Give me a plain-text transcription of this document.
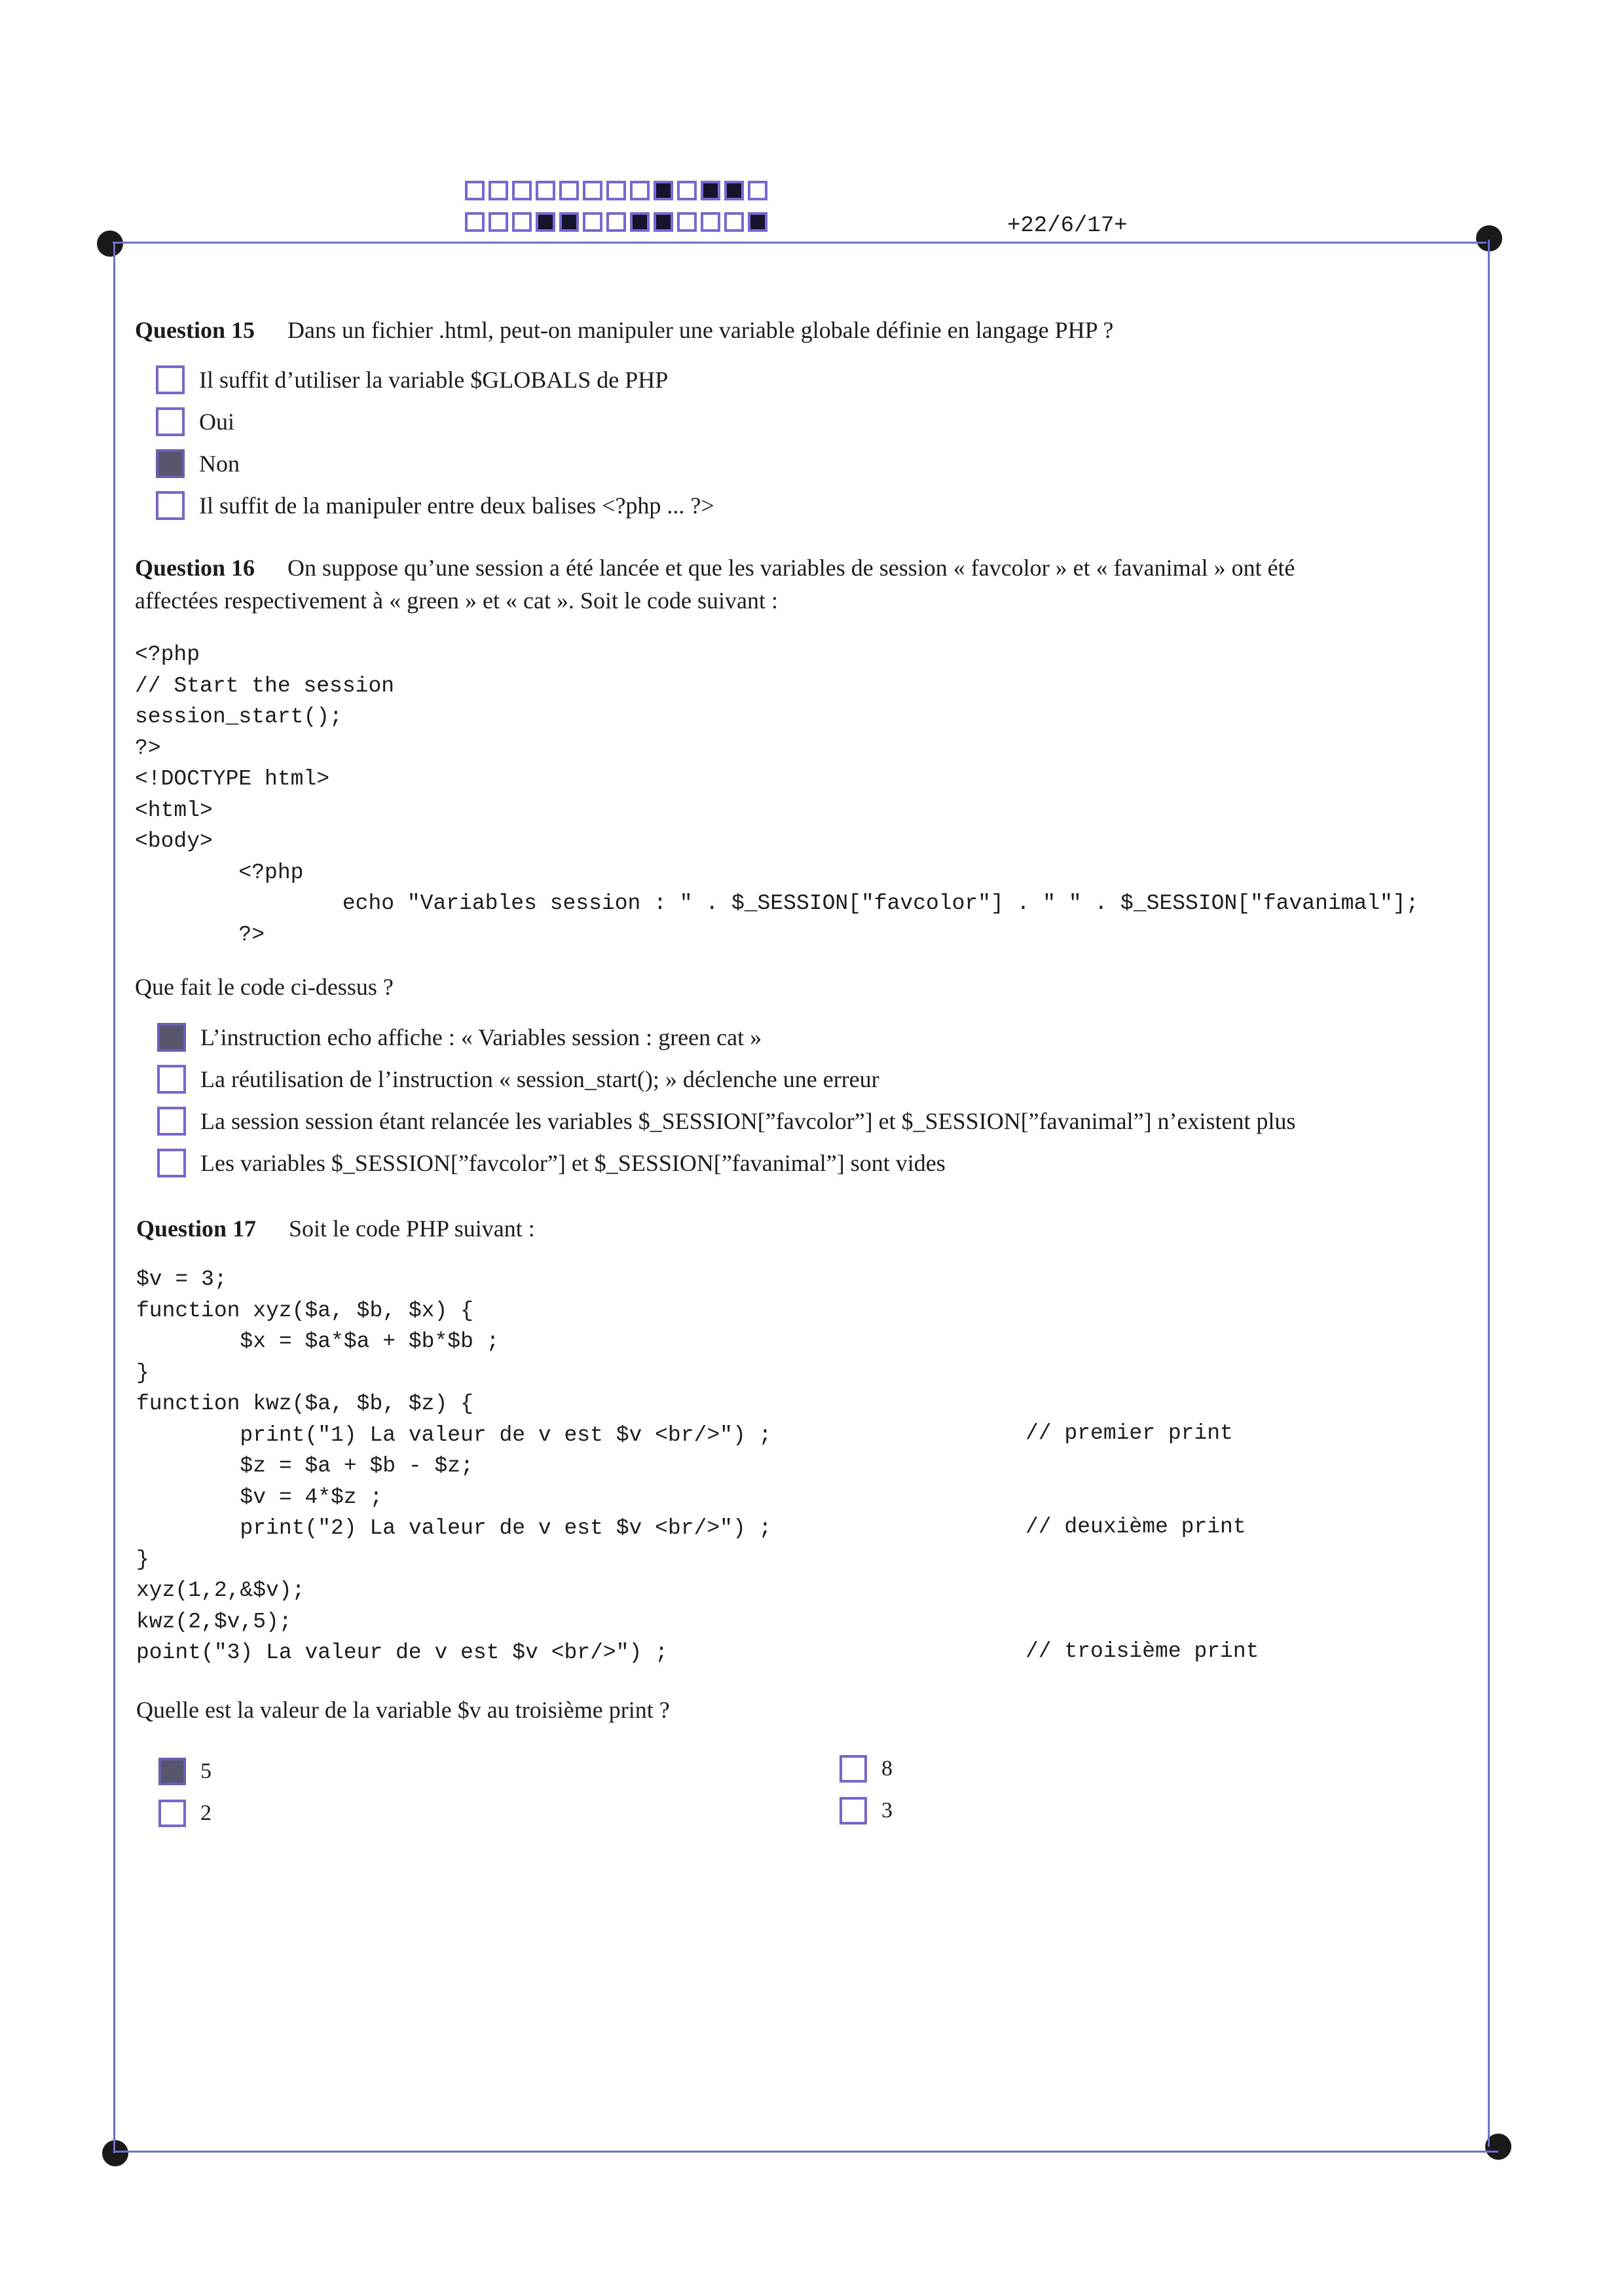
+22/6/17+
Question 15 Dans un fichier .html, peut-on manipuler une variable globale définie en langage PHP ?
Il suffit d’utiliser la variable $GLOBALS de PHP
Oui
Non
Il suffit de la manipuler entre deux balises <?php ... ?>
Question 16 On suppose qu’une session a été lancée et que les variables de session « favcolor » et « favanimal » ont été
affectées respectivement à « green » et « cat ». Soit le code suivant :
<?php
// Start the session
session_start();
?>
<!DOCTYPE html>
<html>
<body>
<?php
echo "Variables session : " . $_SESSION["favcolor"] . " " . $_SESSION["favanimal"];
?>
Que fait le code ci-dessus ?
L’instruction echo affiche : « Variables session : green cat »
La réutilisation de l’instruction « session_start(); » déclenche une erreur
La session session étant relancée les variables $_SESSION[”favcolor”] et $_SESSION[”favanimal”] n’existent plus
Les variables $_SESSION[”favcolor”] et $_SESSION[”favanimal”] sont vides
Question 17 Soit le code PHP suivant :
$v = 3;
function xyz($a, $b, $x) {
$x = $a*$a + $b*$b ;
}
function kwz($a, $b, $z) {
print("1) La valeur de v est $v <br/>") ;
$z = $a + $b - $z;
$v = 4*$z ;
print("2) La valeur de v est $v <br/>") ;
}
xyz(1,2,&$v);
kwz(2,$v,5);
point("3) La valeur de v est $v <br/>") ;
// premier print
// deuxième print
// troisième print
Quelle est la valeur de la variable $v au troisième print ?
5
2
8
3
